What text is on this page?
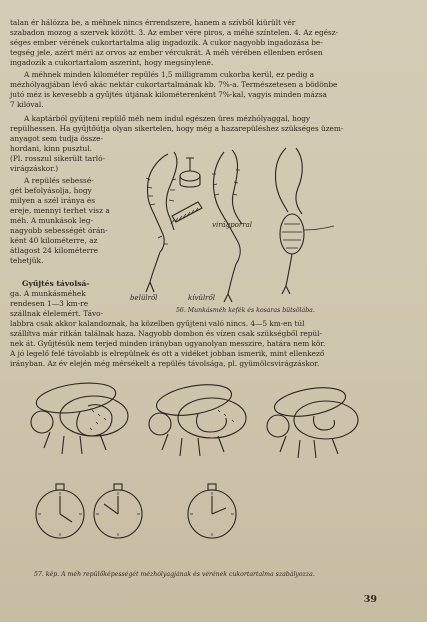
talan ér hálózza be, a méhnek nincs érrendszere, hanem a szívből kiürült vér

szabadon mozog a szervek között. 3. Az ember vére piros, a méhé színtelen. 4. Az egész-

séges ember vérének cukortartalma alig ingadozik. A cukor nagyobb ingadozása be-

tegség jele, azért méri az orvos az ember vércukrát. A méh vérében ellenben erősen

ingadozik a cukortartalom aszerint, hogy megsínylené.

A méhnek minden kilométer repülés 1,5 milligramm cukorba kerül, ez pedig a

mézhólyagjában lévő akác nektár cukortartalmának kb. 7%-a. Természetesen a bödönbe

jutó méz is kevesebb a gyűjtés útjának kilométerenként 7%-kal, vagyis minden mázsa

7 kilóval.

A kaptárból gyűjteni repülő méh nem indul egészen üres mézhólyaggal, hogy

repülhessen. Ha gyűjtőútja olyan sikertelen, hogy még a hazarepüléshez szükséges üzem-

anyagot sem tudja össze-

hordani, kinn pusztul.

(Pl. rosszul sikerült tarló-

virágzáskor.)

A repülés sebessé-

gét befolyásolja, hogy

milyen a szél iránya és

ereje, mennyi terhet visz a

méh. A munkások leg-

nagyobb sebességét órán-

ként 40 kilométerre, az

átlagost 24 kilométerre

tehetjük.

Gyűjtés távolsá-

ga. A munkásméhek

rendesen 1—3 km-re

szállnak élelemért. Távo-

labbra csak akkor kalandoznak, ha közelben gyűjteni való nincs. 4—5 km-en túl

szállítva már ritkán találnak haza. Nagyobb dombon és vízen csak szükségből repül-

nek át. Gyűjtésük nem terjed minden irányban ugyanolyan messzire, határa nem kör.

A jó legelő felé távolabb is elrepülnek és ott a vidéket jobban ismerik, mint ellenkező

irányban. Az év elején még mérsékelt a repülés távolsága, pl. gyümölcsvirágzáskor.

virágporral
belülről	kívülről
56. Munkásméh kefék és kosaras bütsölába.
57. kép. A méh repülőképességét mézhólyagjának és vérének cukortartalma szabályozza.
39
